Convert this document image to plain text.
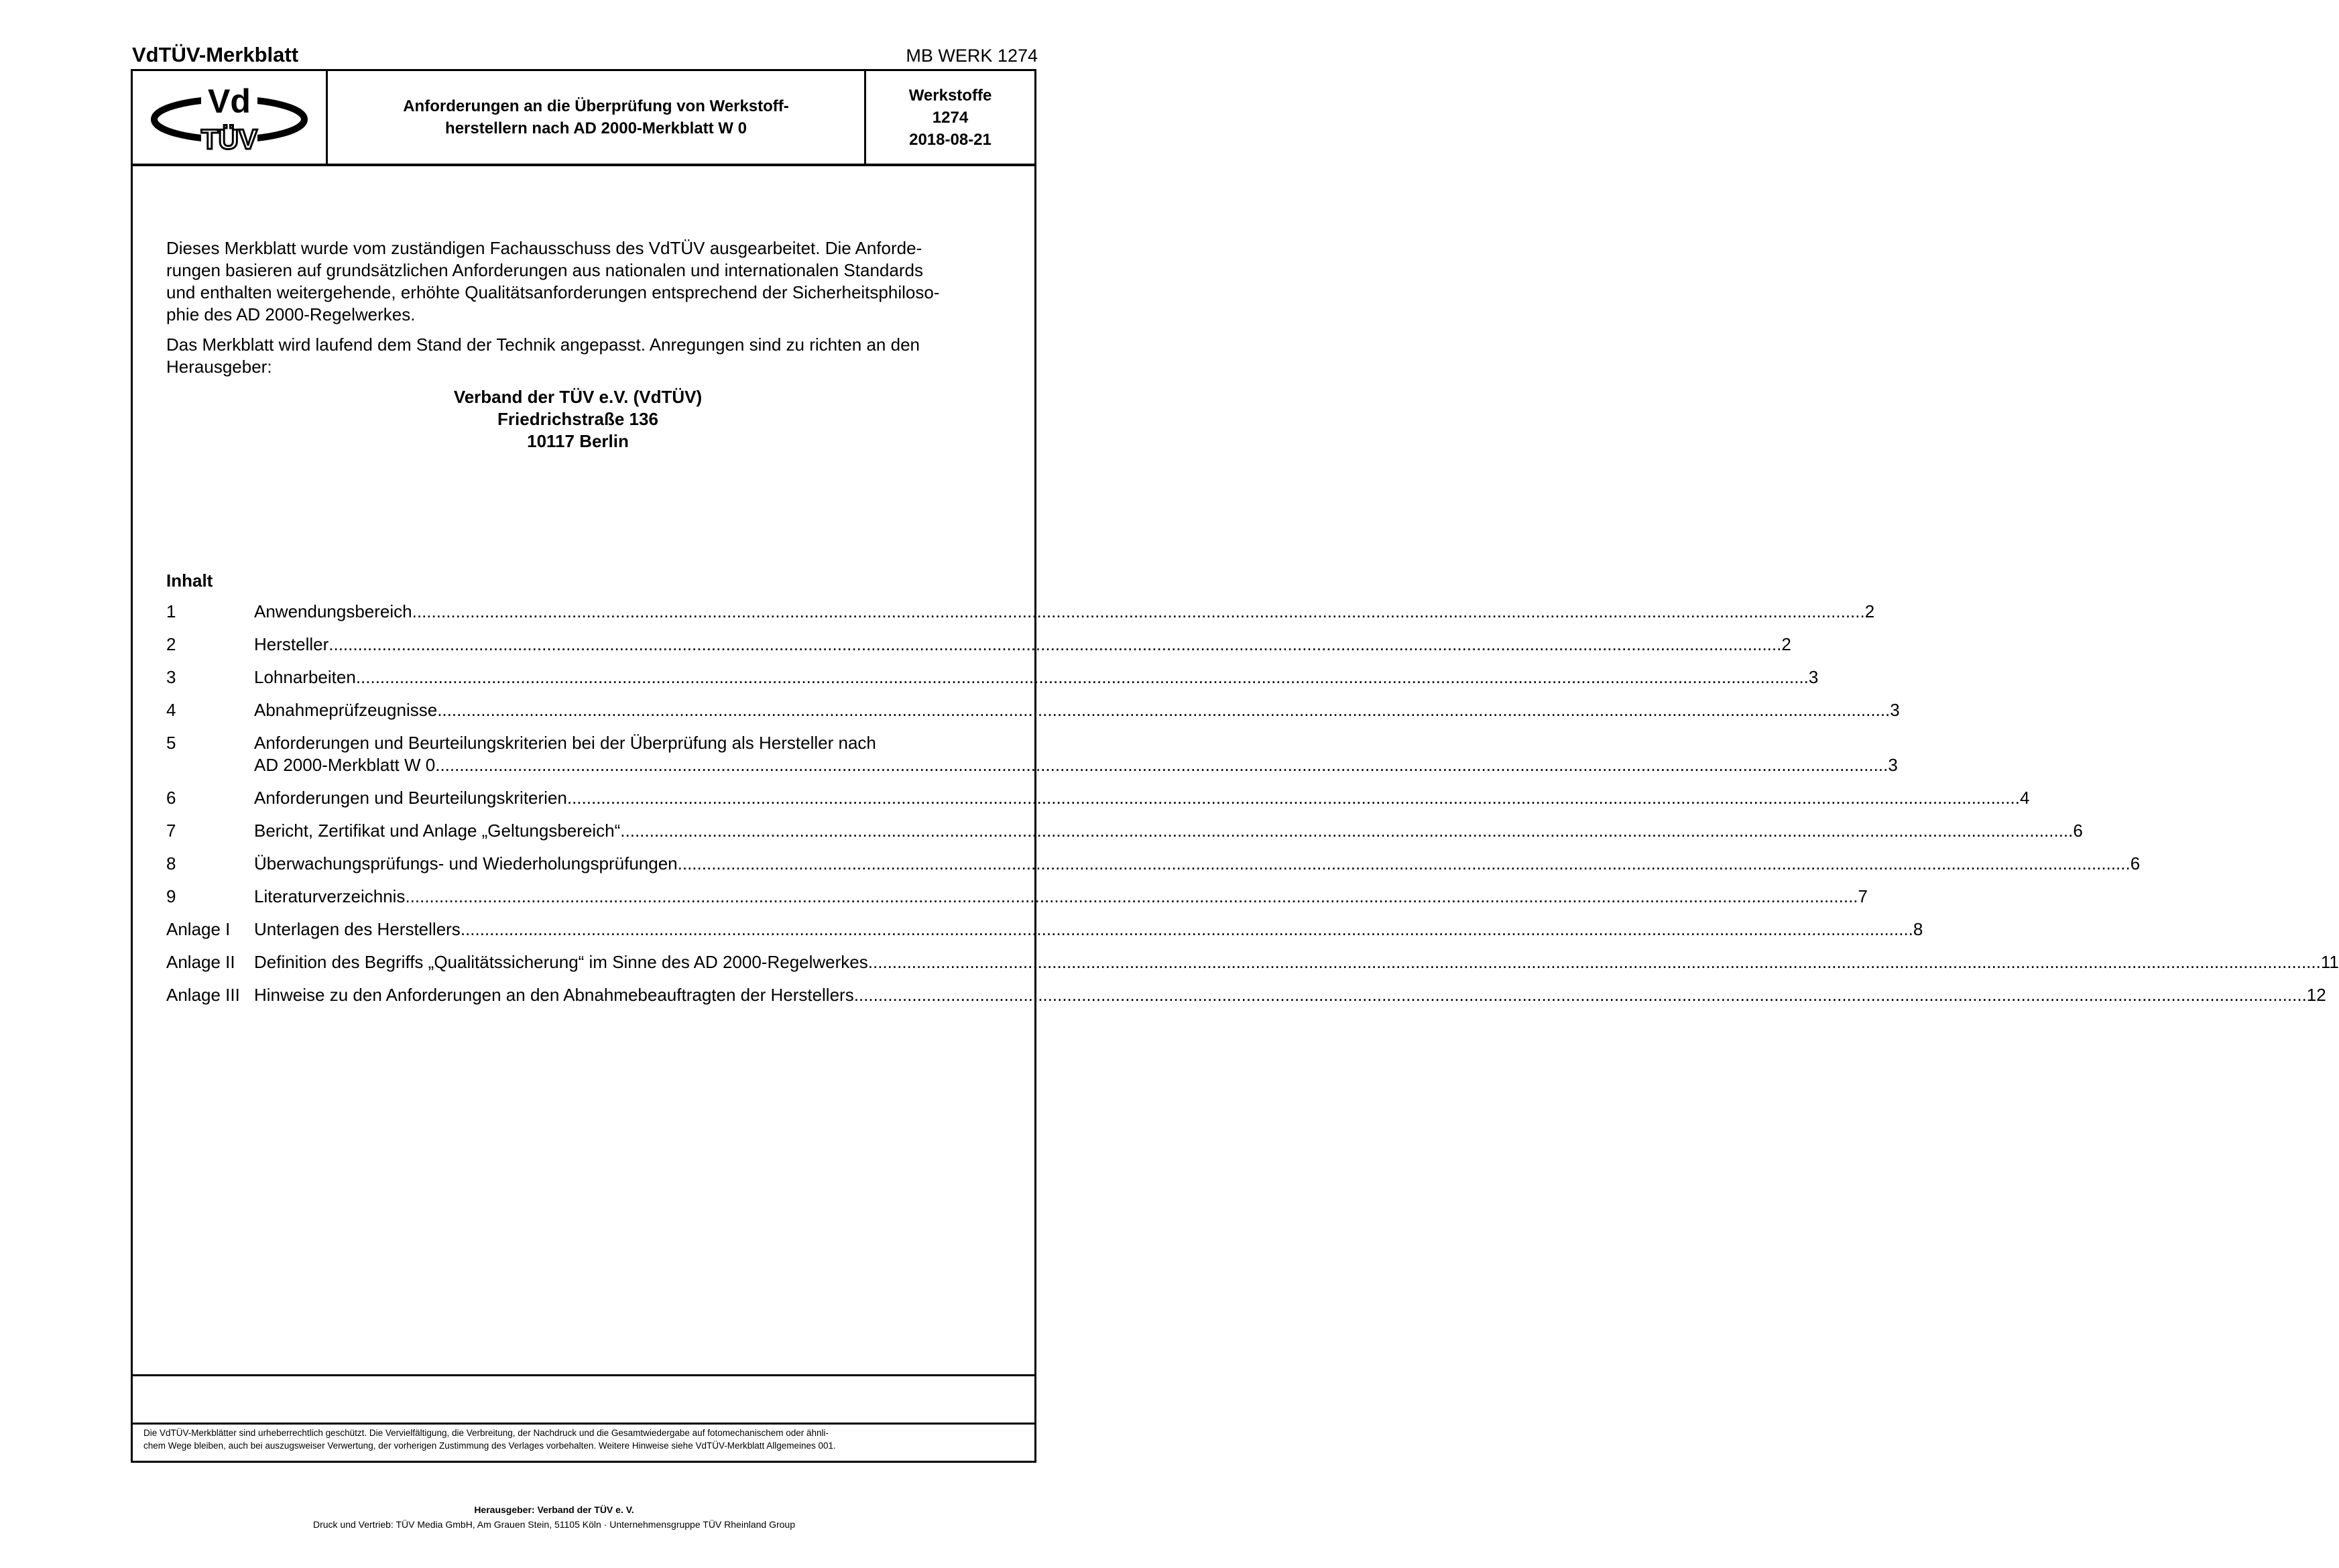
VdTÜV-Merkblatt	MB WERK 1274
Vd
TÜV
Anforderungen an die Überprüfung von Werkstoff-
herstellern nach AD 2000-Merkblatt W 0
Werkstoffe
1274
2018-08-21

Dieses Merkblatt wurde vom zuständigen Fachausschuss des VdTÜV ausgearbeitet. Die Anforde-
rungen basieren auf grundsätzlichen Anforderungen aus nationalen und internationalen Standards
und enthalten weitergehende, erhöhte Qualitätsanforderungen entsprechend der Sicherheitsphiloso-
phie des AD 2000-Regelwerkes.

Das Merkblatt wird laufend dem Stand der Technik angepasst. Anregungen sind zu richten an den
Herausgeber:

Verband der TÜV e.V. (VdTÜV)
Friedrichstraße 136
10117 Berlin
Inhalt
1	Anwendungsbereich ............................................................................................................................................................................................................................................................................................................ 2
2	Hersteller ............................................................................................................................................................................................................................................................................................................ 2
3	Lohnarbeiten ............................................................................................................................................................................................................................................................................................................ 3
4	Abnahmeprüfzeugnisse ............................................................................................................................................................................................................................................................................................................ 3
5	Anforderungen und Beurteilungskriterien bei der Überprüfung als Hersteller nach
AD 2000-Merkblatt W 0 ............................................................................................................................................................................................................................................................................................................ 3
6	Anforderungen und Beurteilungskriterien ............................................................................................................................................................................................................................................................................................................ 4
7	Bericht, Zertifikat und Anlage „Geltungsbereich“ ............................................................................................................................................................................................................................................................................................................ 6
8	Überwachungsprüfungs- und Wiederholungsprüfungen ............................................................................................................................................................................................................................................................................................................ 6
9	Literaturverzeichnis ............................................................................................................................................................................................................................................................................................................ 7
Anlage I	Unterlagen des Herstellers ............................................................................................................................................................................................................................................................................................................ 8
Anlage II	Definition des Begriffs „Qualitätssicherung“ im Sinne des AD 2000-Regelwerkes ............................................................................................................................................................................................................................................................................................................ 11
Anlage III Hinweise zu den Anforderungen an den Abnahmebeauftragten der Herstellers ............................................................................................................................................................................................................................................................................................................ 12
Die VdTÜV-Merkblätter sind urheberrechtlich geschützt. Die Vervielfältigung, die Verbreitung, der Nachdruck und die Gesamtwiedergabe auf fotomechanischem oder ähnli-
chem Wege bleiben, auch bei auszugsweiser Verwertung, der vorherigen Zustimmung des Verlages vorbehalten. Weitere Hinweise siehe VdTÜV-Merkblatt Allgemeines 001.
Herausgeber: Verband der TÜV e. V.
Druck und Vertrieb: TÜV Media GmbH, Am Grauen Stein, 51105 Köln · Unternehmensgruppe TÜV Rheinland Group
